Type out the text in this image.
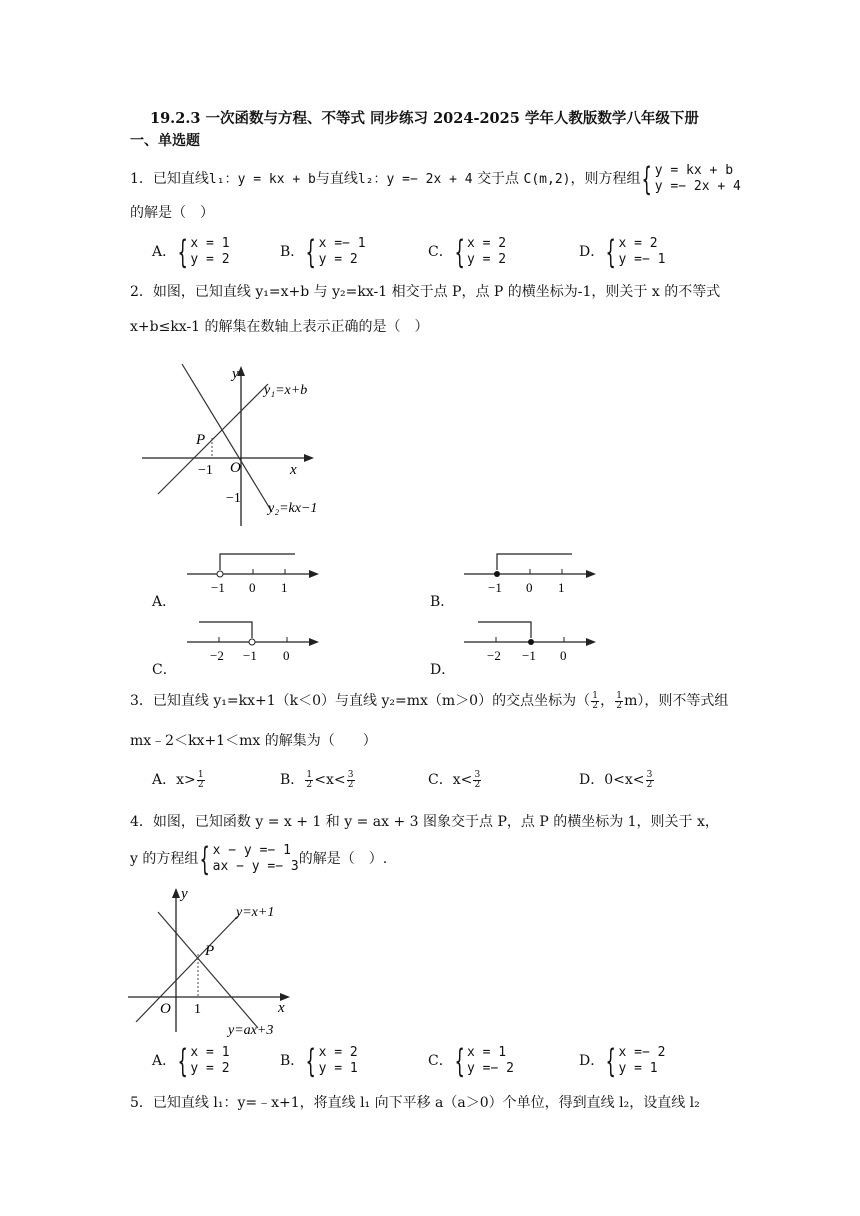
19.2.3 一次函数与方程、不等式 同步练习 2024-2025 学年人教版数学八年级下册
一、单选题
1．已知直线l₁：y = kx + b与直线l₂：y =− 2x + 4 交于点 C(m,2)，则方程组 { y = kx + b
y =− 2x + 4
的解是（　）
A． { x = 1
y = 2	B． { x =− 1
y = 2	C． { x = 2
y = 2	D． { x = 2
y =− 1
2．如图，已知直线 y₁=x+b 与 y₂=kx-1 相交于点 P，点 P 的横坐标为-1，则关于 x 的不等式
x+b≤kx-1 的解集在数轴上表示正确的是（　）
y
x
O
P
−1
−1
y₁=x+b
y₂=kx−1
A．
−1 0 1
B．
−1 0 1
C．
−2 −1 0
D．
−2 −1 0
3．已知直线 y₁=kx+1（k＜0）与直线 y₂=mx（m＞0）的交点坐标为（ $\frac{1}{2}$ ， $\frac{1}{2} m$），则不等式组
mx﹣2＜kx+1＜mx 的解集为（　　）
A．$x> \frac{1}{2}$	B． $\frac{1}{2} <x< \frac{3}{2}$	C．$x< \frac{3}{2}$	D．$0<x< \frac{3}{2}$
4．如图，已知函数 y = x + 1 和 y = ax + 3 图象交于点 P，点 P 的横坐标为 1，则关于 x，
y 的方程组 { x − y =− 1
ax − y =− 3 的解是（　）.
y
x
O
P
1
y=x+1
y=ax+3
A． { x = 1
y = 2	B． { x = 2
y = 1	C． { x = 1
y =− 2	D． { x =− 2
y = 1
5．已知直线 l₁：y=﹣x+1，将直线 l₁ 向下平移 a（a＞0）个单位，得到直线 l₂，设直线 l₂
